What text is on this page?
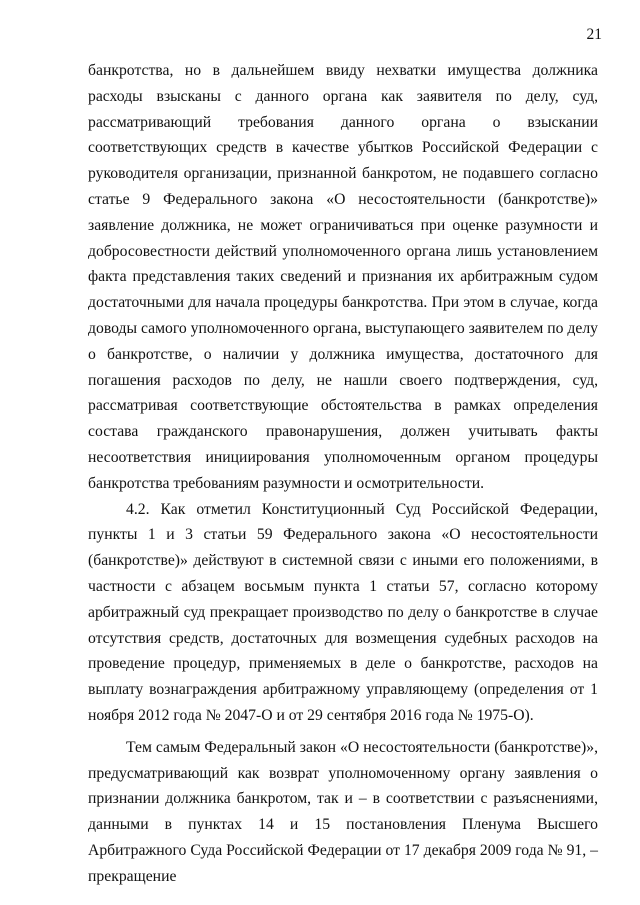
21

банкротства, но в дальнейшем ввиду нехватки имущества должника расходы взысканы с данного органа как заявителя по делу, суд, рассматривающий требования данного органа о взыскании соответствующих средств в качестве убытков Российской Федерации с руководителя организации, признанной банкротом, не подавшего согласно статье 9 Федерального закона «О несостоятельности (банкротстве)» заявление должника, не может ограничиваться при оценке разумности и добросовестности действий уполномоченного органа лишь установлением факта представления таких сведений и признания их арбитражным судом достаточными для начала процедуры банкротства. При этом в случае, когда доводы самого уполномоченного органа, выступающего заявителем по делу о банкротстве, о наличии у должника имущества, достаточного для погашения расходов по делу, не нашли своего подтверждения, суд, рассматривая соответствующие обстоятельства в рамках определения состава гражданского правонарушения, должен учитывать факты несоответствия инициирования уполномоченным органом процедуры банкротства требованиям разумности и осмотрительности.

4.2. Как отметил Конституционный Суд Российской Федерации, пункты 1 и 3 статьи 59 Федерального закона «О несостоятельности (банкротстве)» действуют в системной связи с иными его положениями, в частности с абзацем восьмым пункта 1 статьи 57, согласно которому арбитражный суд прекращает производство по делу о банкротстве в случае отсутствия средств, достаточных для возмещения судебных расходов на проведение процедур, применяемых в деле о банкротстве, расходов на выплату вознаграждения арбитражному управляющему (определения от 1 ноября 2012 года № 2047-О и от 29 сентября 2016 года № 1975-О).

Тем самым Федеральный закон «О несостоятельности (банкротстве)», предусматривающий как возврат уполномоченному органу заявления о признании должника банкротом, так и – в соответствии с разъяснениями, данными в пунктах 14 и 15 постановления Пленума Высшего Арбитражного Суда Российской Федерации от 17 декабря 2009 года № 91, – прекращение
